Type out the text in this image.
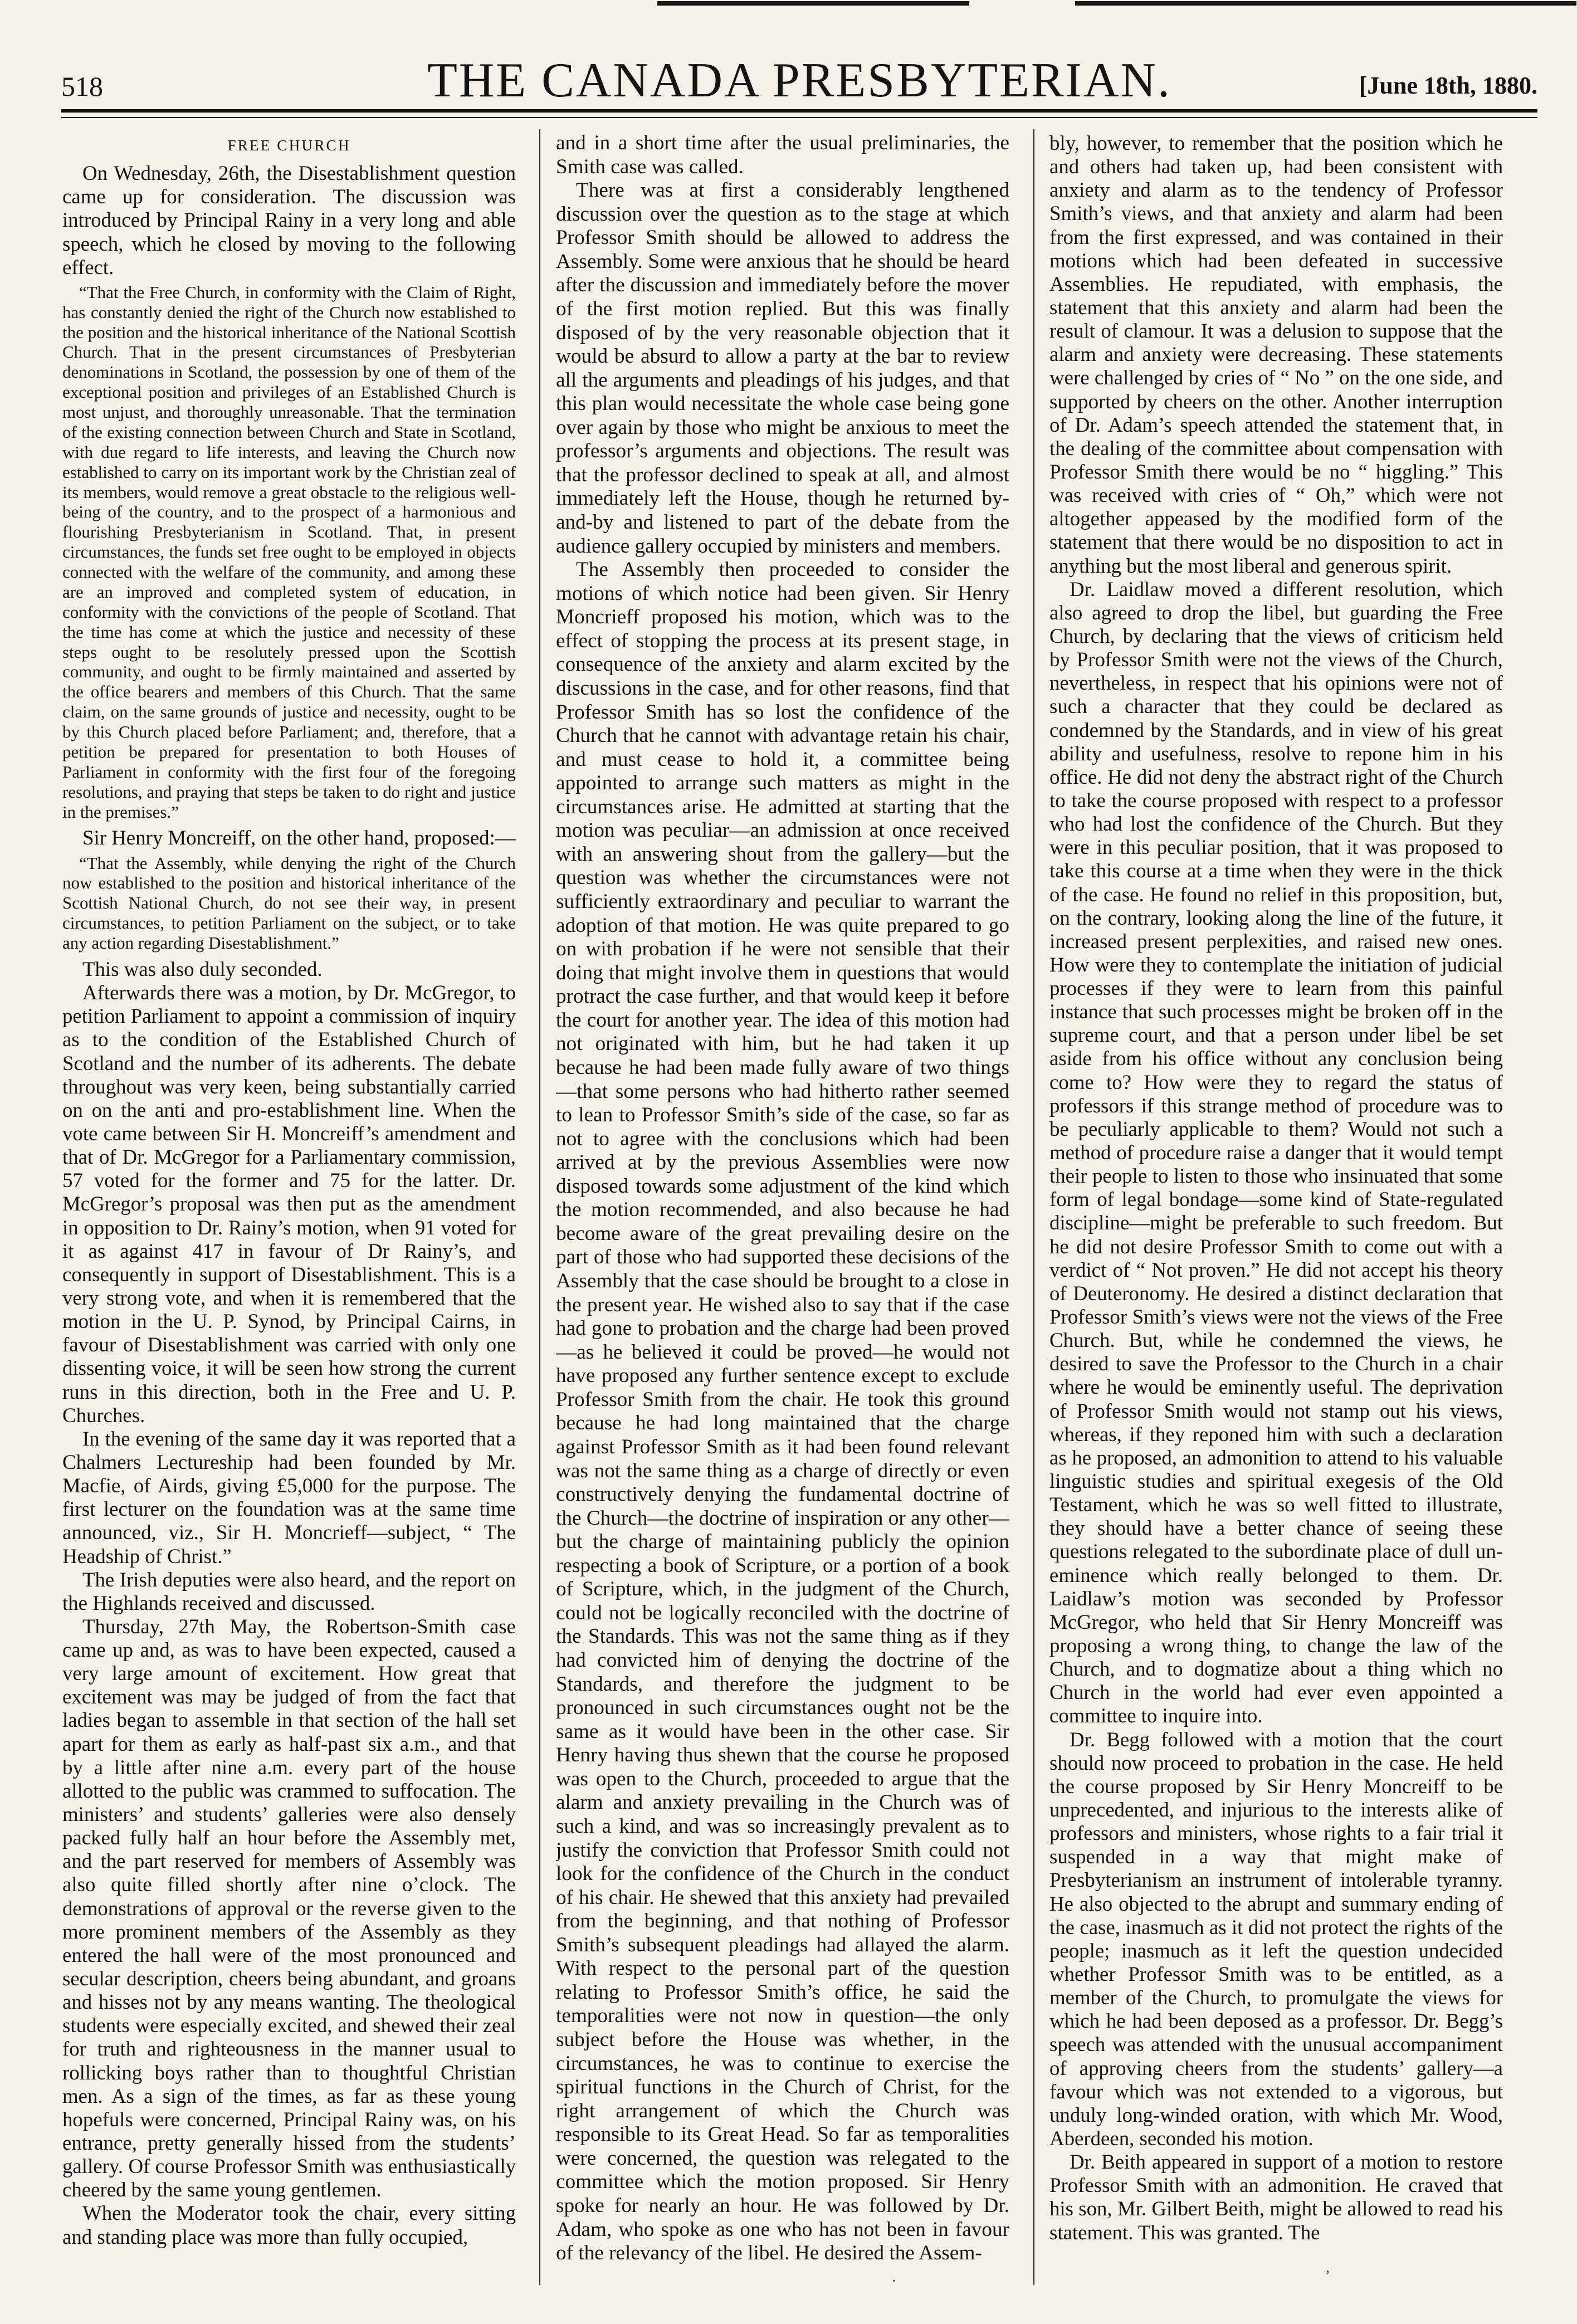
518	THE CANADA PRESBYTERIAN.	[June 18th, 1880.
FREE CHURCH

On Wednesday, 26th, the Disestablishment question came up for consideration. The discussion was introduced by Principal Rainy in a very long and able speech, which he closed by moving to the following effect.

“That the Free Church, in conformity with the Claim of Right, has constantly denied the right of the Church now established to the position and the historical inheritance of the National Scottish Church. That in the present circumstances of Presbyterian denominations in Scotland, the possession by one of them of the exceptional position and privileges of an Established Church is most unjust, and thoroughly unreasonable. That the termination of the existing connection between Church and State in Scotland, with due regard to life interests, and leaving the Church now established to carry on its important work by the Christian zeal of its members, would remove a great obstacle to the religious well-being of the country, and to the prospect of a harmonious and flourishing Presbyterianism in Scotland. That, in present circumstances, the funds set free ought to be employed in objects connected with the welfare of the community, and among these are an improved and completed system of education, in conformity with the convictions of the people of Scotland. That the time has come at which the justice and necessity of these steps ought to be resolutely pressed upon the Scottish community, and ought to be firmly maintained and asserted by the office bearers and members of this Church. That the same claim, on the same grounds of justice and necessity, ought to be by this Church placed before Parliament; and, therefore, that a petition be prepared for presentation to both Houses of Parliament in conformity with the first four of the foregoing resolutions, and praying that steps be taken to do right and justice in the premises.”

Sir Henry Moncreiff, on the other hand, proposed:—

“That the Assembly, while denying the right of the Church now established to the position and historical inheritance of the Scottish National Church, do not see their way, in present circumstances, to petition Parliament on the subject, or to take any action regarding Disestablishment.”

This was also duly seconded.

Afterwards there was a motion, by Dr. McGregor, to petition Parliament to appoint a commission of inquiry as to the condition of the Established Church of Scotland and the number of its adherents. The debate throughout was very keen, being substantially carried on on the anti and pro-establishment line. When the vote came between Sir H. Moncreiff’s amendment and that of Dr. McGregor for a Parliamentary commission, 57 voted for the former and 75 for the latter. Dr. McGregor’s proposal was then put as the amendment in opposition to Dr. Rainy’s motion, when 91 voted for it as against 417 in favour of Dr Rainy’s, and consequently in support of Disestablishment. This is a very strong vote, and when it is remembered that the motion in the U. P. Synod, by Principal Cairns, in favour of Disestablishment was carried with only one dissenting voice, it will be seen how strong the current runs in this direction, both in the Free and U. P. Churches.

In the evening of the same day it was reported that a Chalmers Lectureship had been founded by Mr. Macfie, of Airds, giving £5,000 for the purpose. The first lecturer on the foundation was at the same time announced, viz., Sir H. Moncrieff—subject, “ The Headship of Christ.”

The Irish deputies were also heard, and the report on the Highlands received and discussed.

Thursday, 27th May, the Robertson-Smith case came up and, as was to have been expected, caused a very large amount of excitement. How great that excitement was may be judged of from the fact that ladies began to assemble in that section of the hall set apart for them as early as half-past six a.m., and that by a little after nine a.m. every part of the house allotted to the public was crammed to suffocation. The ministers’ and students’ galleries were also densely packed fully half an hour before the Assembly met, and the part reserved for members of Assembly was also quite filled shortly after nine o’clock. The demonstrations of approval or the reverse given to the more prominent members of the Assembly as they entered the hall were of the most pronounced and secular description, cheers being abundant, and groans and hisses not by any means wanting. The theological students were especially excited, and shewed their zeal for truth and righteousness in the manner usual to rollicking boys rather than to thoughtful Christian men. As a sign of the times, as far as these young hopefuls were concerned, Principal Rainy was, on his entrance, pretty generally hissed from the students’ gallery. Of course Professor Smith was enthusiastically cheered by the same young gentlemen.

When the Moderator took the chair, every sitting and standing place was more than fully occupied,

and in a short time after the usual preliminaries, the Smith case was called.

There was at first a considerably lengthened discussion over the question as to the stage at which Professor Smith should be allowed to address the Assembly. Some were anxious that he should be heard after the discussion and immediately before the mover of the first motion replied. But this was finally disposed of by the very reasonable objection that it would be absurd to allow a party at the bar to review all the arguments and pleadings of his judges, and that this plan would necessitate the whole case being gone over again by those who might be anxious to meet the professor’s arguments and objections. The result was that the professor declined to speak at all, and almost immediately left the House, though he returned by-and-by and listened to part of the debate from the audience gallery occupied by ministers and members.

The Assembly then proceeded to consider the motions of which notice had been given. Sir Henry Moncrieff proposed his motion, which was to the effect of stopping the process at its present stage, in consequence of the anxiety and alarm excited by the discussions in the case, and for other reasons, find that Professor Smith has so lost the confidence of the Church that he cannot with advantage retain his chair, and must cease to hold it, a committee being appointed to arrange such matters as might in the circumstances arise. He admitted at starting that the motion was peculiar—an admission at once received with an answering shout from the gallery—but the question was whether the circumstances were not sufficiently extraordinary and peculiar to warrant the adoption of that motion. He was quite prepared to go on with probation if he were not sensible that their doing that might involve them in questions that would protract the case further, and that would keep it before the court for another year. The idea of this motion had not originated with him, but he had taken it up because he had been made fully aware of two things—that some persons who had hitherto rather seemed to lean to Professor Smith’s side of the case, so far as not to agree with the conclusions which had been arrived at by the previous Assemblies were now disposed towards some adjustment of the kind which the motion recommended, and also because he had become aware of the great prevailing desire on the part of those who had supported these decisions of the Assembly that the case should be brought to a close in the present year. He wished also to say that if the case had gone to probation and the charge had been proved—as he believed it could be proved—he would not have proposed any further sentence except to exclude Professor Smith from the chair. He took this ground because he had long maintained that the charge against Professor Smith as it had been found relevant was not the same thing as a charge of directly or even constructively denying the fundamental doctrine of the Church—the doctrine of inspiration or any other—but the charge of maintaining publicly the opinion respecting a book of Scripture, or a portion of a book of Scripture, which, in the judgment of the Church, could not be logically reconciled with the doctrine of the Standards. This was not the same thing as if they had convicted him of denying the doctrine of the Standards, and therefore the judgment to be pronounced in such circumstances ought not be the same as it would have been in the other case. Sir Henry having thus shewn that the course he proposed was open to the Church, proceeded to argue that the alarm and anxiety prevailing in the Church was of such a kind, and was so increasingly prevalent as to justify the conviction that Professor Smith could not look for the confidence of the Church in the conduct of his chair. He shewed that this anxiety had prevailed from the beginning, and that nothing of Professor Smith’s subsequent pleadings had allayed the alarm. With respect to the personal part of the question relating to Professor Smith’s office, he said the temporalities were not now in question—the only subject before the House was whether, in the circumstances, he was to continue to exercise the spiritual functions in the Church of Christ, for the right arrangement of which the Church was responsible to its Great Head. So far as temporalities were concerned, the question was relegated to the committee which the motion proposed. Sir Henry spoke for nearly an hour. He was followed by Dr. Adam, who spoke as one who has not been in favour of the relevancy of the libel. He desired the Assem-

bly, however, to remember that the position which he and others had taken up, had been consistent with anxiety and alarm as to the tendency of Professor Smith’s views, and that anxiety and alarm had been from the first expressed, and was contained in their motions which had been defeated in successive Assemblies. He repudiated, with emphasis, the statement that this anxiety and alarm had been the result of clamour. It was a delusion to suppose that the alarm and anxiety were decreasing. These statements were challenged by cries of “ No ” on the one side, and supported by cheers on the other. Another interruption of Dr. Adam’s speech attended the statement that, in the dealing of the committee about compensation with Professor Smith there would be no “ higgling.” This was received with cries of “ Oh,” which were not altogether appeased by the modified form of the statement that there would be no disposition to act in anything but the most liberal and generous spirit.

Dr. Laidlaw moved a different resolution, which also agreed to drop the libel, but guarding the Free Church, by declaring that the views of criticism held by Professor Smith were not the views of the Church, nevertheless, in respect that his opinions were not of such a character that they could be declared as condemned by the Standards, and in view of his great ability and usefulness, resolve to repone him in his office. He did not deny the abstract right of the Church to take the course proposed with respect to a professor who had lost the confidence of the Church. But they were in this peculiar position, that it was proposed to take this course at a time when they were in the thick of the case. He found no relief in this proposition, but, on the contrary, looking along the line of the future, it increased present perplexities, and raised new ones. How were they to contemplate the initiation of judicial processes if they were to learn from this painful instance that such processes might be broken off in the supreme court, and that a person under libel be set aside from his office without any conclusion being come to? How were they to regard the status of professors if this strange method of procedure was to be peculiarly applicable to them? Would not such a method of procedure raise a danger that it would tempt their people to listen to those who insinuated that some form of legal bondage—some kind of State-regulated discipline—might be preferable to such freedom. But he did not desire Professor Smith to come out with a verdict of “ Not proven.” He did not accept his theory of Deuteronomy. He desired a distinct declaration that Professor Smith’s views were not the views of the Free Church. But, while he condemned the views, he desired to save the Professor to the Church in a chair where he would be eminently useful. The deprivation of Professor Smith would not stamp out his views, whereas, if they reponed him with such a declaration as he proposed, an admonition to attend to his valuable linguistic studies and spiritual exegesis of the Old Testament, which he was so well fitted to illustrate, they should have a better chance of seeing these questions relegated to the subordinate place of dull un-eminence which really belonged to them. Dr. Laidlaw’s motion was seconded by Professor McGregor, who held that Sir Henry Moncreiff was proposing a wrong thing, to change the law of the Church, and to dogmatize about a thing which no Church in the world had ever even appointed a committee to inquire into.

Dr. Begg followed with a motion that the court should now proceed to probation in the case. He held the course proposed by Sir Henry Moncreiff to be unprecedented, and injurious to the interests alike of professors and ministers, whose rights to a fair trial it suspended in a way that might make of Presbyterianism an instrument of intolerable tyranny. He also objected to the abrupt and summary ending of the case, inasmuch as it did not protect the rights of the people; inasmuch as it left the question undecided whether Professor Smith was to be entitled, as a member of the Church, to promulgate the views for which he had been deposed as a professor. Dr. Begg’s speech was attended with the unusual accompaniment of approving cheers from the students’ gallery—a favour which was not extended to a vigorous, but unduly long-winded oration, with which Mr. Wood, Aberdeen, seconded his motion.

Dr. Beith appeared in support of a motion to restore Professor Smith with an admonition. He craved that his son, Mr. Gilbert Beith, might be allowed to read his statement. This was granted. The

·
,
